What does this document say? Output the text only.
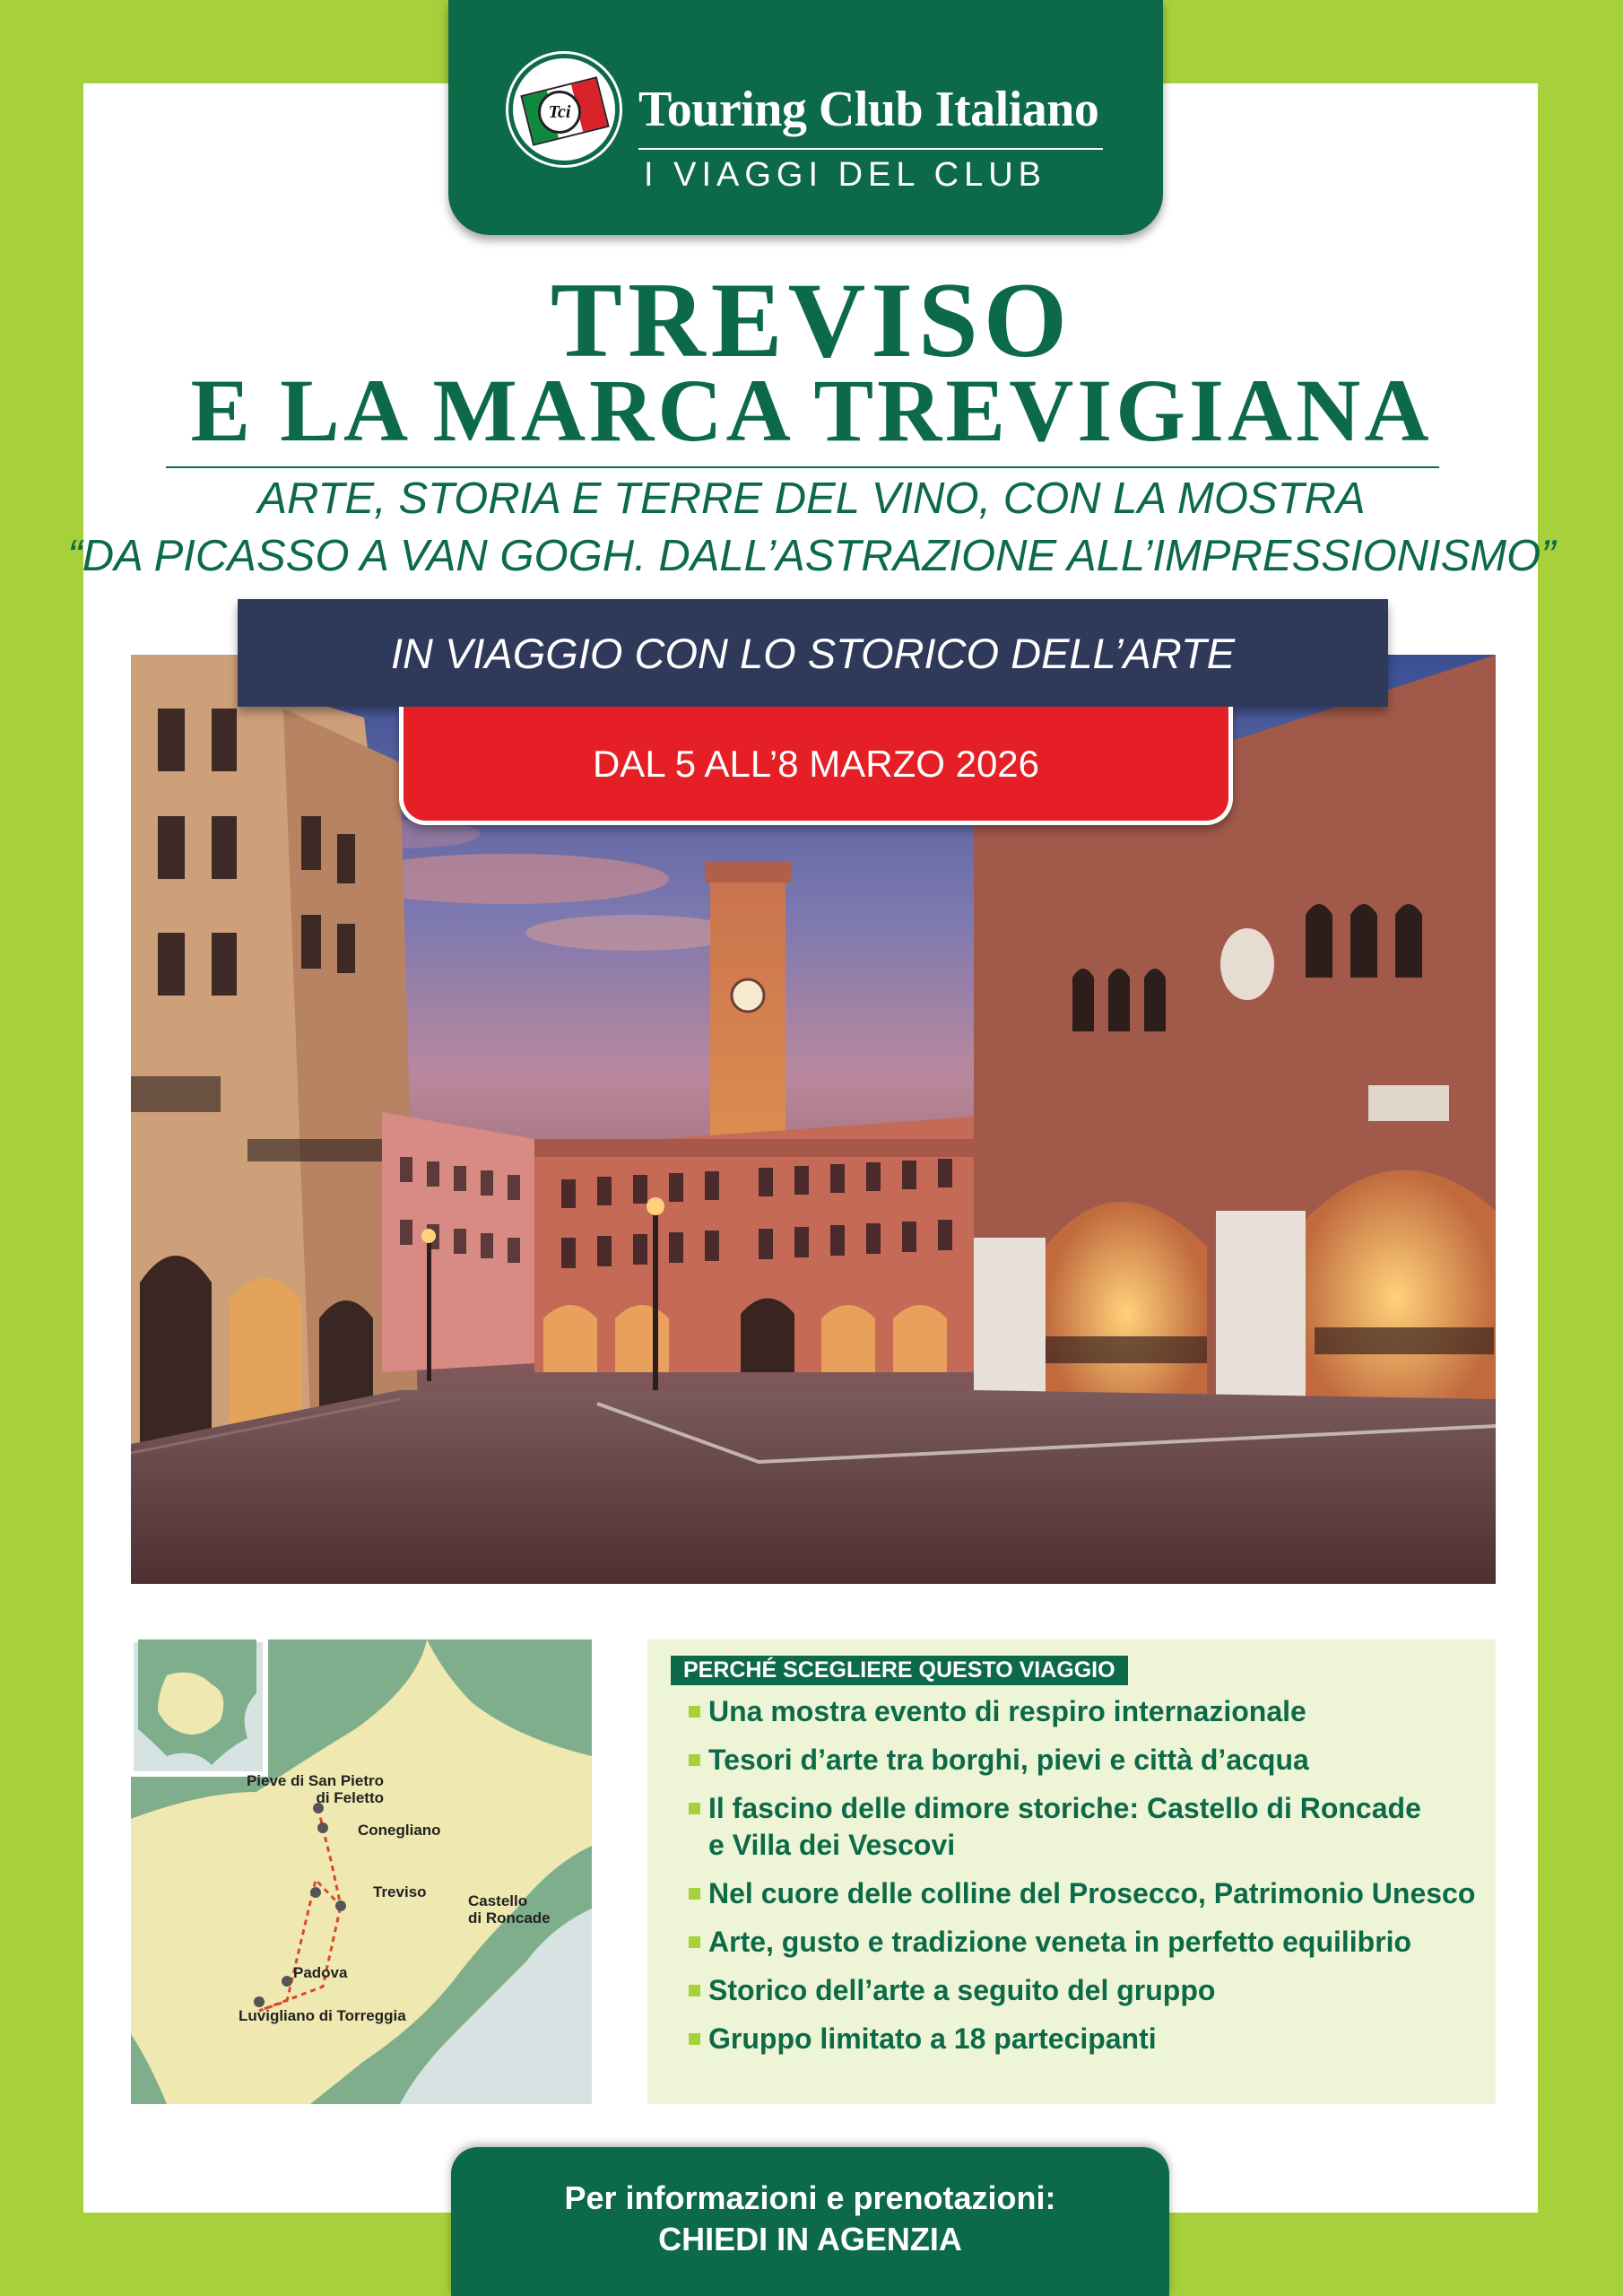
Tci Touring Club Italiano
I VIAGGI DEL CLUB
TREVISO
E LA MARCA TREVIGIANA
ARTE, STORIA E TERRE DEL VINO, CON LA MOSTRA
“DA PICASSO A VAN GOGH. DALL’ASTRAZIONE ALL’IMPRESSIONISMO”
IN VIAGGIO CON LO STORICO DELL’ARTE
DAL 5 ALL’8 MARZO 2026
Pieve di San Pietro
di Feletto
Conegliano
Treviso
Castello
di Roncade
Padova
Luvigliano di Torreggia
PERCHÉ SCEGLIERE QUESTO VIAGGIO
Una mostra evento di respiro internazionale
Tesori d’arte tra borghi, pievi e città d’acqua
Il fascino delle dimore storiche: Castello di Roncade
e Villa dei Vescovi
Nel cuore delle colline del Prosecco, Patrimonio Unesco
Arte, gusto e tradizione veneta in perfetto equilibrio
Storico dell’arte a seguito del gruppo
Gruppo limitato a 18 partecipanti
Per informazioni e prenotazioni:
CHIEDI IN AGENZIA
